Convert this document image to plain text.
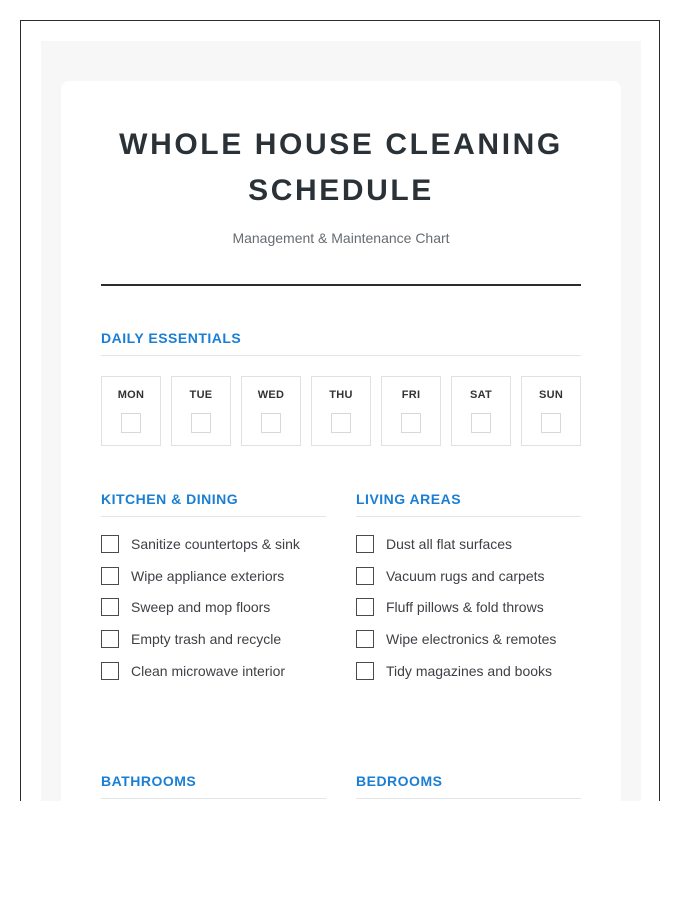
WHOLE HOUSE CLEANING
SCHEDULE
Management & Maintenance Chart
DAILY ESSENTIALS
MON	TUE	WED	THU	FRI	SAT	SUN
KITCHEN & DINING
Sanitize countertops & sink
Wipe appliance exteriors
Sweep and mop floors
Empty trash and recycle
Clean microwave interior
LIVING AREAS
Dust all flat surfaces
Vacuum rugs and carpets
Fluff pillows & fold throws
Wipe electronics & remotes
Tidy magazines and books
BATHROOMS	BEDROOMS
